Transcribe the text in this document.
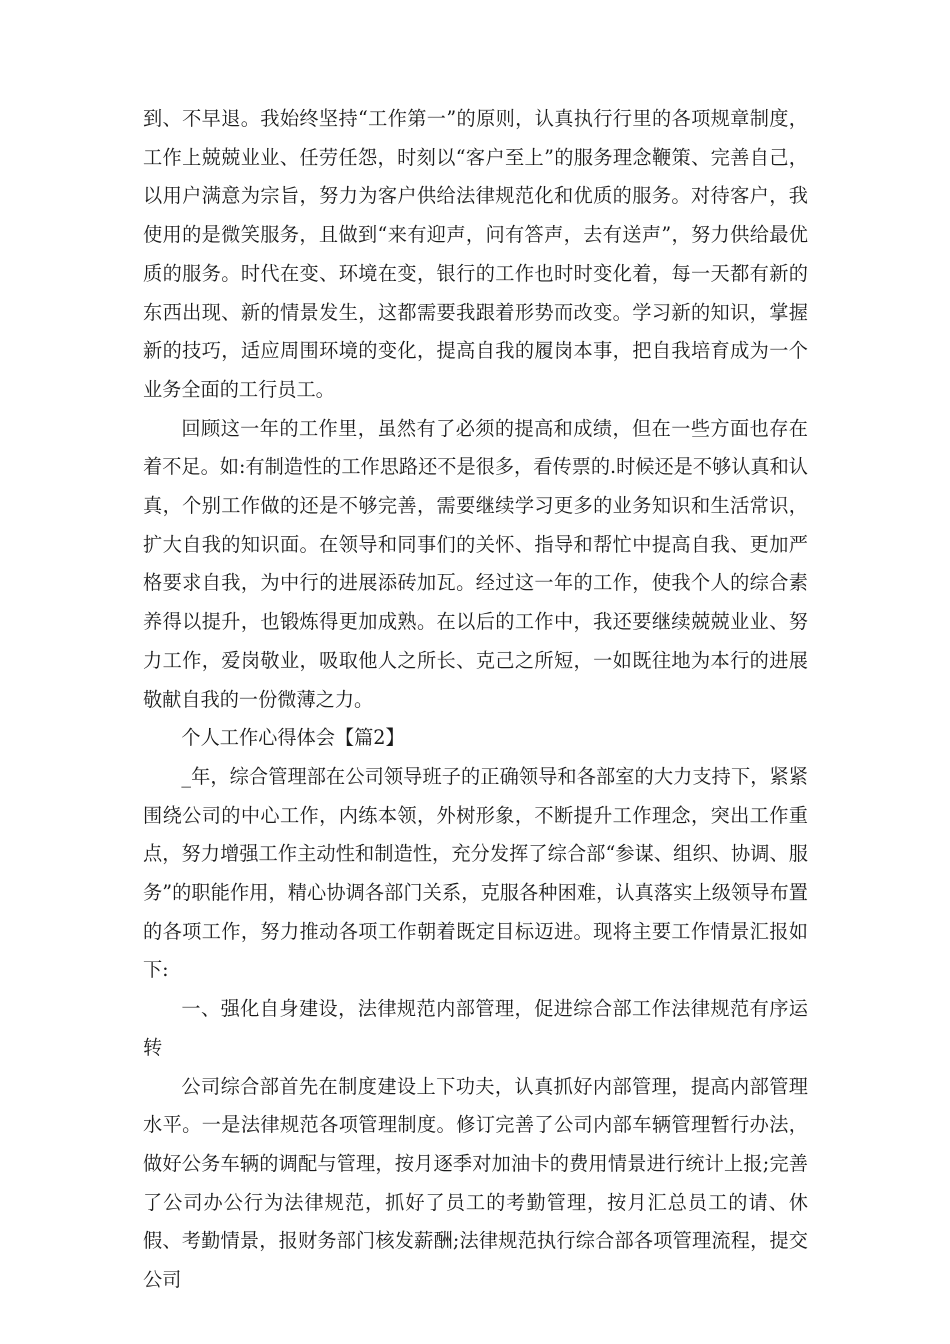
到、不早退。我始终坚持“工作第一”的原则，认真执行行里的各项规章制度，工作上兢兢业业、任劳任怨，时刻以“客户至上”的服务理念鞭策、完善自己，以用户满意为宗旨，努力为客户供给法律规范化和优质的服务。对待客户，我使用的是微笑服务，且做到“来有迎声，问有答声，去有送声”，努力供给最优质的服务。时代在变、环境在变，银行的工作也时时变化着，每一天都有新的东西出现、新的情景发生，这都需要我跟着形势而改变。学习新的知识，掌握新的技巧，适应周围环境的变化，提高自我的履岗本事，把自我培育成为一个业务全面的工行员工。

回顾这一年的工作里，虽然有了必须的提高和成绩，但在一些方面也存在着不足。如:有制造性的工作思路还不是很多，看传票的.时候还是不够认真和认真，个别工作做的还是不够完善，需要继续学习更多的业务知识和生活常识，扩大自我的知识面。在领导和同事们的关怀、指导和帮忙中提高自我、更加严格要求自我，为中行的进展添砖加瓦。经过这一年的工作，使我个人的综合素养得以提升，也锻炼得更加成熟。在以后的工作中，我还要继续兢兢业业、努力工作，爱岗敬业，吸取他人之所长、克己之所短，一如既往地为本行的进展敬献自我的一份微薄之力。

个人工作心得体会【篇2】

_年，综合管理部在公司领导班子的正确领导和各部室的大力支持下，紧紧围绕公司的中心工作，内练本领，外树形象，不断提升工作理念，突出工作重点，努力增强工作主动性和制造性，充分发挥了综合部“参谋、组织、协调、服务”的职能作用，精心协调各部门关系，克服各种困难，认真落实上级领导布置的各项工作，努力推动各项工作朝着既定目标迈进。现将主要工作情景汇报如下:

一、强化自身建设，法律规范内部管理，促进综合部工作法律规范有序运转

公司综合部首先在制度建设上下功夫，认真抓好内部管理，提高内部管理水平。一是法律规范各项管理制度。修订完善了公司内部车辆管理暂行办法，做好公务车辆的调配与管理，按月逐季对加油卡的费用情景进行统计上报;完善了公司办公行为法律规范，抓好了员工的考勤管理，按月汇总员工的请、休假、考勤情景，报财务部门核发薪酬;法律规范执行综合部各项管理流程，提交公司
